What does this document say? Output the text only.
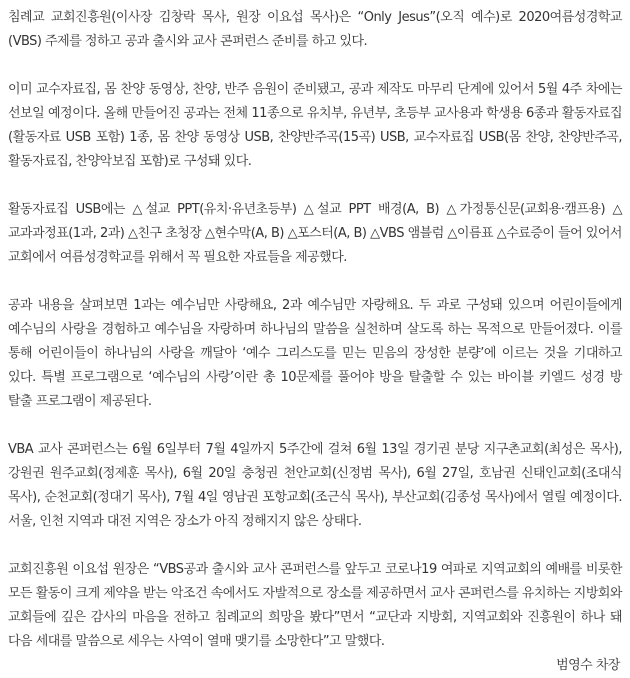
침례교 교회진흥원(이사장 김창락 목사, 원장 이요섭 목사)은 “Only Jesus”(오직 예수)로 2020여름성경학교(VBS) 주제를 정하고 공과 출시와 교사 콘퍼런스 준비를 하고 있다.

이미 교수자료집, 몸 찬양 동영상, 찬양, 반주 음원이 준비됐고, 공과 제작도 마무리 단계에 있어서 5월 4주 차에는 선보일 예정이다. 올해 만들어진 공과는 전체 11종으로 유치부, 유년부, 초등부 교사용과 학생용 6종과 활동자료집(활동자료 USB 포함) 1종, 몸 찬양 동영상 USB, 찬양반주곡(15곡) USB, 교수자료집 USB(몸 찬양, 찬양반주곡, 활동자료집, 찬양악보집 포함)로 구성돼 있다.

활동자료집 USB에는 △설교 PPT(유치·유년초등부) △설교 PPT 배경(A, B) △가정통신문(교회용·캠프용) △교과과정표(1과, 2과) △친구 초청장 △현수막(A, B) △포스터(A, B) △VBS 앰블럼 △이름표 △수료증이 들어 있어서 교회에서 여름성경학교를 위해서 꼭 필요한 자료들을 제공했다.

공과 내용을 살펴보면 1과는 예수님만 사랑해요, 2과 예수님만 자랑해요. 두 과로 구성돼 있으며 어린이들에게 예수님의 사랑을 경험하고 예수님을 자랑하며 하나님의 말씀을 실천하며 살도록 하는 목적으로 만들어졌다. 이를 통해 어린이들이 하나님의 사랑을 깨달아 ‘예수 그리스도를 믿는 믿음의 장성한 분량’에 이르는 것을 기대하고 있다. 특별 프로그램으로 ‘예수님의 사랑’이란 총 10문제를 풀어야 방을 탈출할 수 있는 바이블 키엘드 성경 방 탈출 프로그램이 제공된다.

VBA 교사 콘퍼런스는 6월 6일부터 7월 4일까지 5주간에 걸쳐 6월 13일 경기권 분당 지구촌교회(최성은 목사), 강원권 원주교회(정제훈 목사), 6월 20일 충청권 천안교회(신정범 목사), 6월 27일, 호남권 신태인교회(조대식 목사), 순천교회(정대기 목사), 7월 4일 영남권 포항교회(조근식 목사), 부산교회(김종성 목사)에서 열릴 예정이다. 서울, 인천 지역과 대전 지역은 장소가 아직 정해지지 않은 상태다.

교회진흥원 이요섭 원장은 “VBS공과 출시와 교사 콘퍼런스를 앞두고 코로나19 여파로 지역교회의 예배를 비롯한 모든 활동이 크게 제약을 받는 악조건 속에서도 자발적으로 장소를 제공하면서 교사 콘퍼런스를 유치하는 지방회와 교회들에 깊은 감사의 마음을 전하고 침례교의 희망을 봤다”면서 “교단과 지방회, 지역교회와 진흥원이 하나 돼 다음 세대를 말씀으로 세우는 사역이 열매 맺기를 소망한다”고 말했다.

범영수 차장
